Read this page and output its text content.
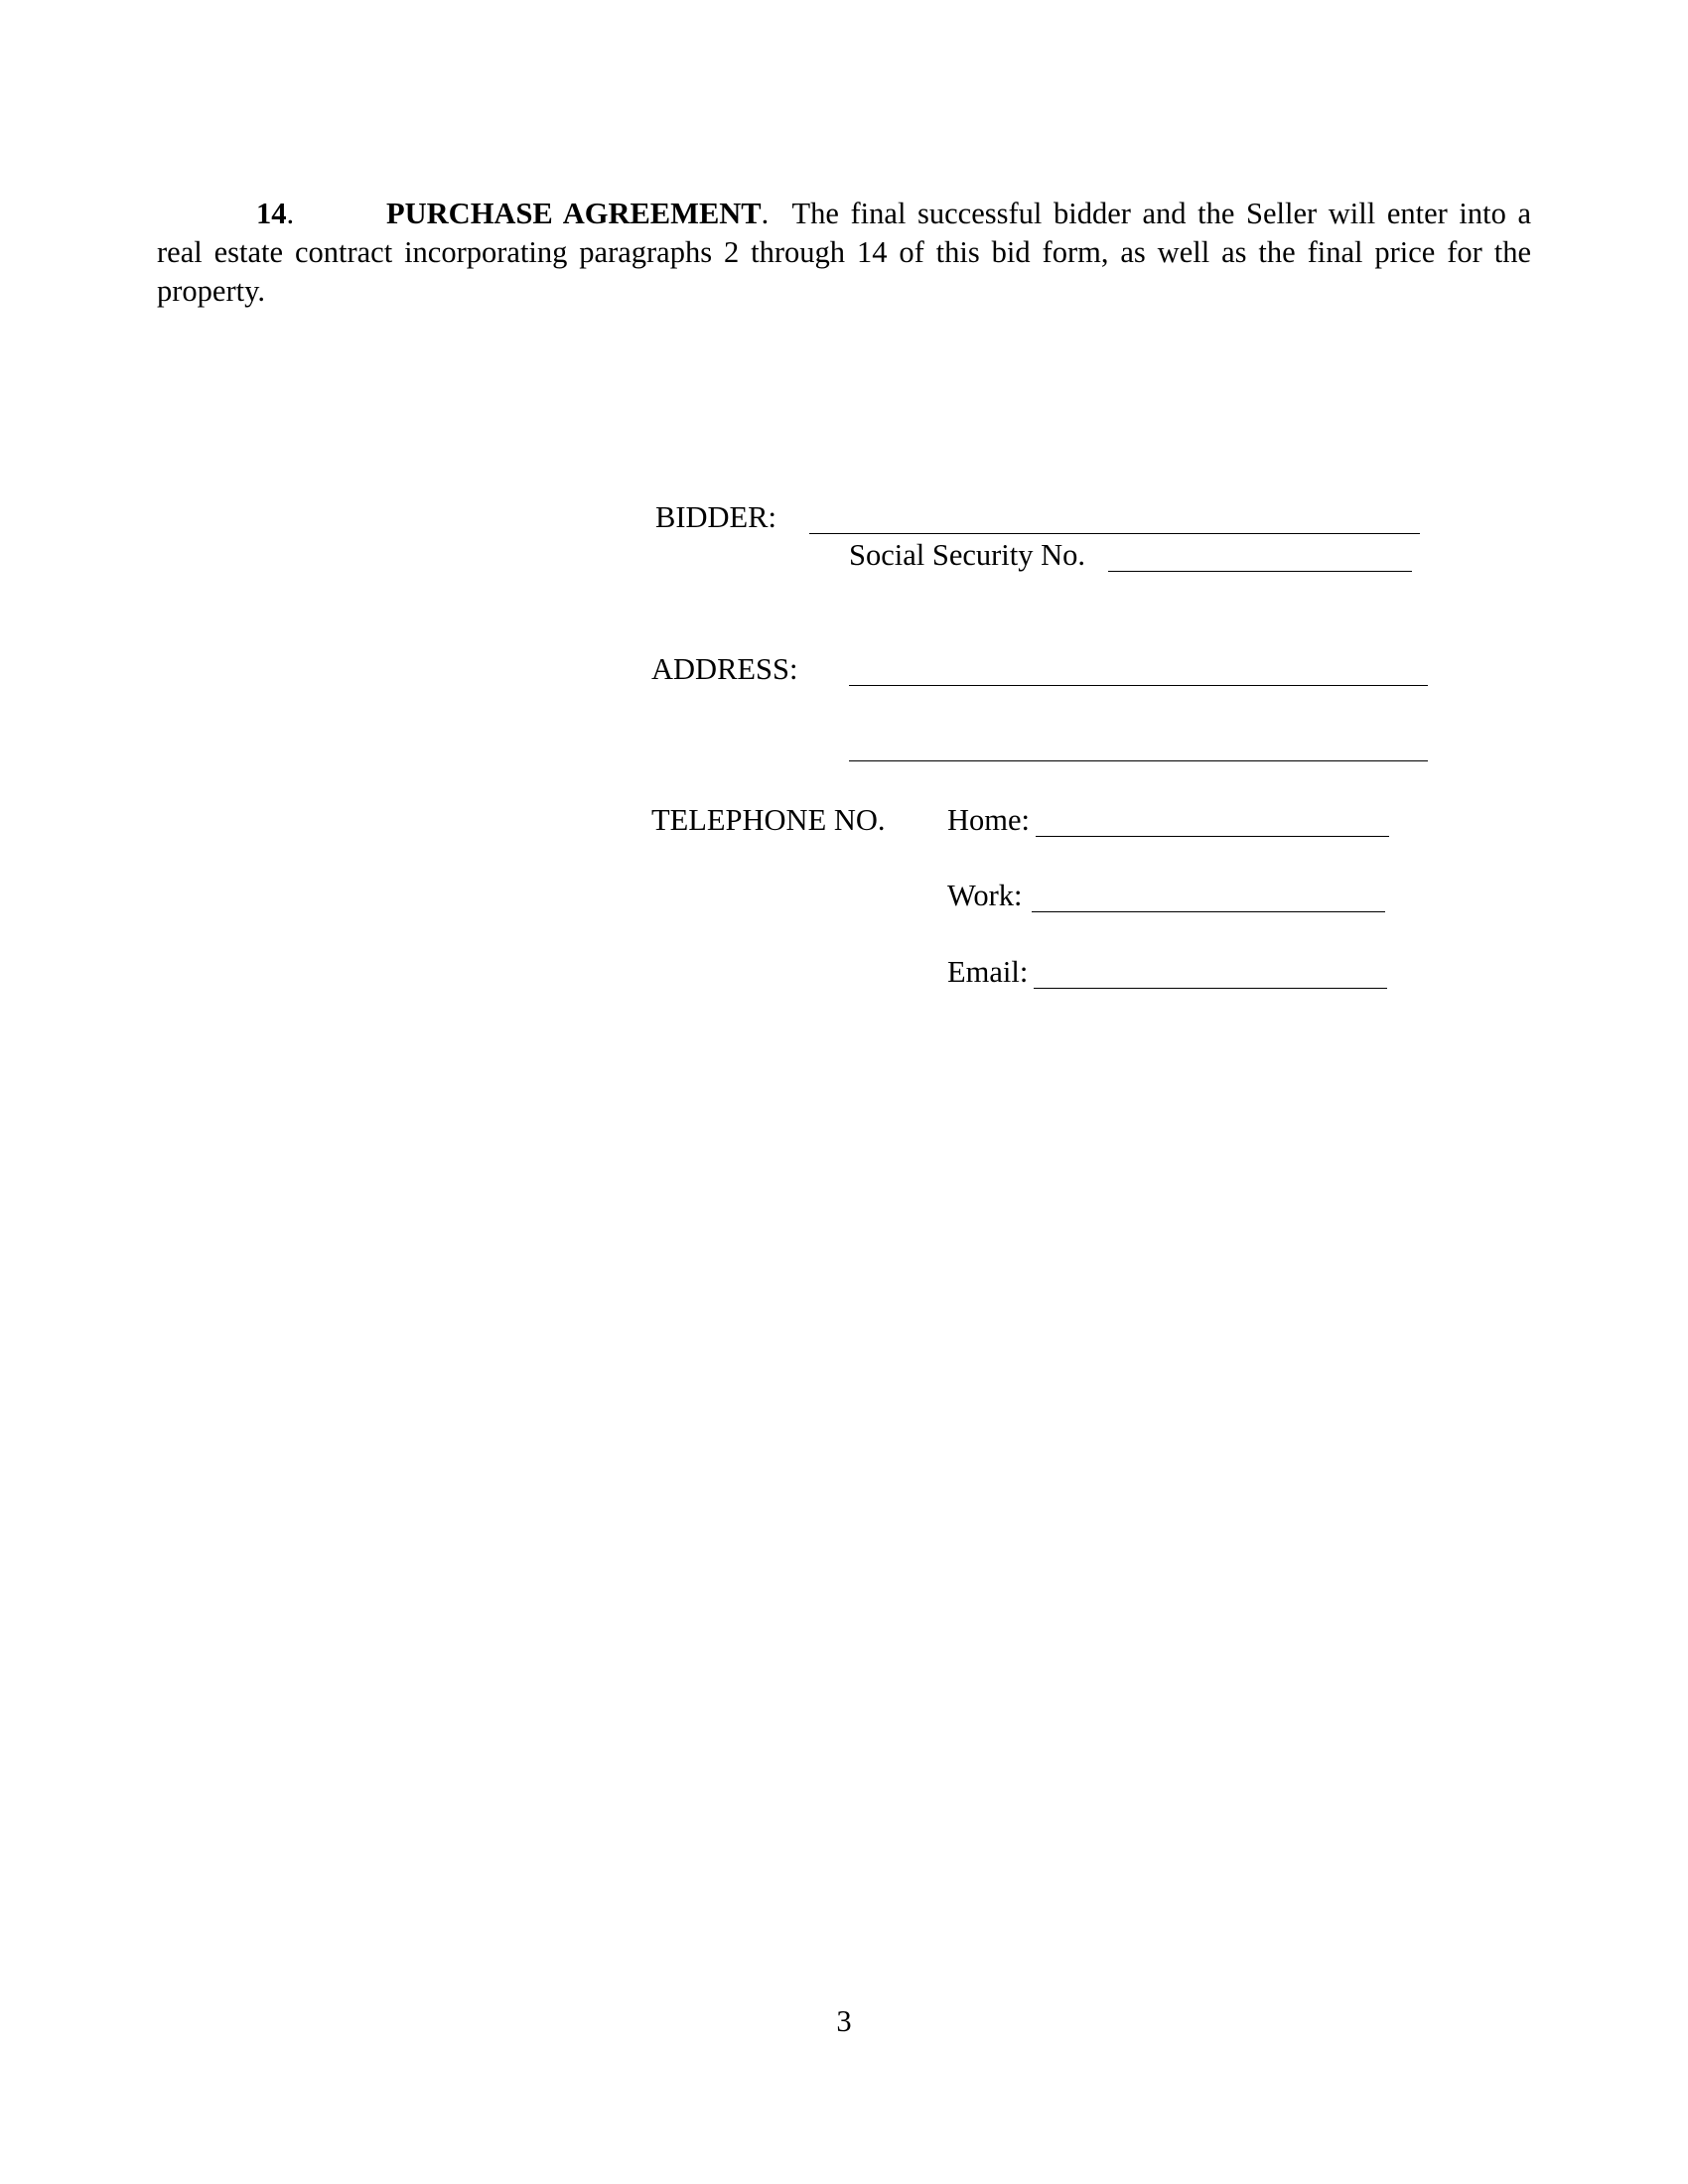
14.	PURCHASE AGREEMENT. The final successful bidder and the Seller will enter into a
real estate contract incorporating paragraphs 2 through 14 of this bid form, as well as the final price for the
property.
BIDDER:
Social Security No.
ADDRESS:
TELEPHONE NO. Home:
Work:
Email:
3
